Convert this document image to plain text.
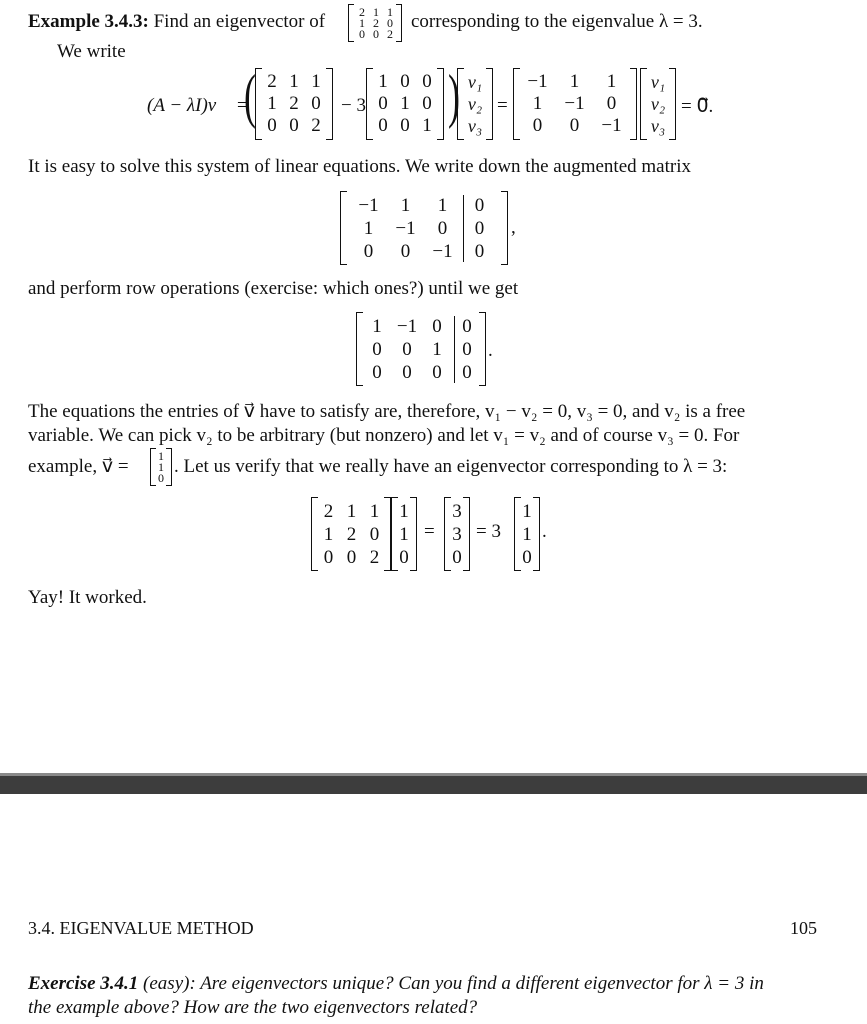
Example 3.4.3: Find an eigenvector of	2 1 1
1 2 0
0 0 2
corresponding to the eigenvalue λ = 3.
We write
(A − λI)v⃗ =
( 2 1 1
1 2 0
0 0 2
− 3
1 0 0
0 1 0
0 0 1 ) v₁
v₂
v₃
=
−1	1	1
1	−1	0
0	0	−1
v₁
v₂
v₃
= 0⃗.
It is easy to solve this system of linear equations. We write down the augmented matrix
−1	1	1	0
1	−1	0	0
0	0	−1	0
,
and perform row operations (exercise: which ones?) until we get
1 −1 0	0
0	0	1	0
0	0	0	0
.
The equations the entries of v⃗ have to satisfy are, therefore, v₁ − v₂ = 0, v₃ = 0, and v₂ is a free
variable. We can pick v₂ to be arbitrary (but nonzero) and let v₁ = v₂ and of course v₃ = 0. For
example, v⃗ =
1
1
0
. Let us verify that we really have an eigenvector corresponding to λ = 3:
2 1 1
1 2 0
0 0 2
1
1
0
=
3
3
0
= 3
1
1
0
.
Yay! It worked.
3.4. EIGENVALUE METHOD	105
Exercise 3.4.1 (easy): Are eigenvectors unique? Can you find a different eigenvector for λ = 3 in
the example above? How are the two eigenvectors related?
